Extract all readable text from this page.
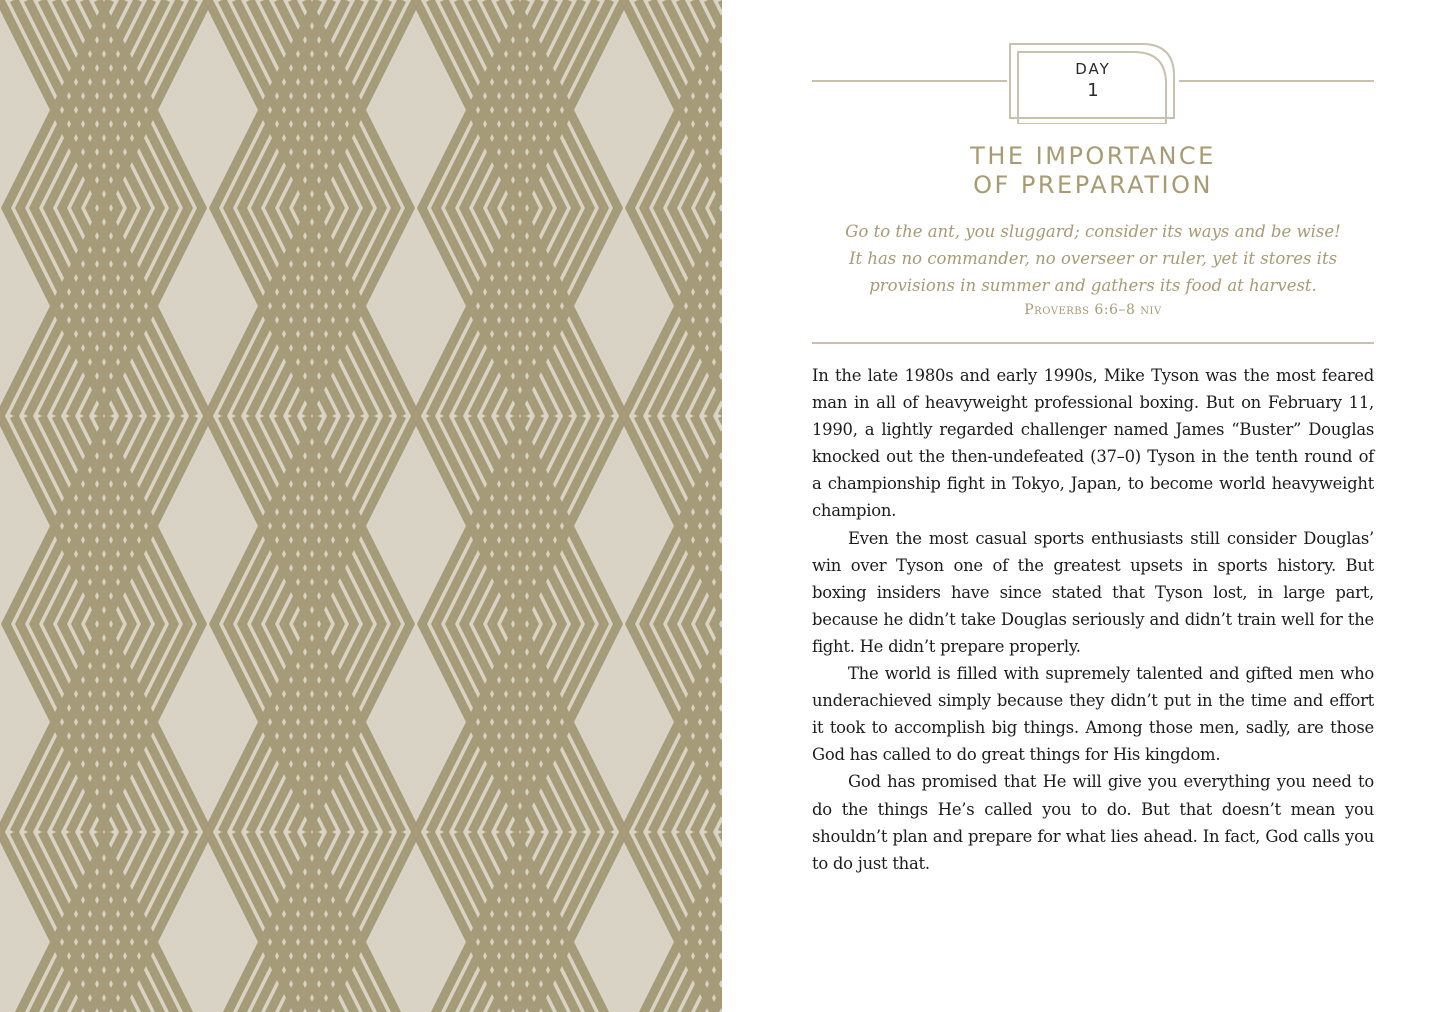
DAY
1
THE IMPORTANCE
OF PREPARATION
Go to the ant, you sluggard; consider its ways and be wise!
It has no commander, no overseer or ruler, yet it stores its
provisions in summer and gathers its food at harvest.
Proverbs 6:6–8 niv

In the late 1980s and early 1990s, Mike Tyson was the most feared man in all of heavyweight professional boxing. But on February 11, 1990, a lightly regarded challenger named James “Buster” Douglas knocked out the then-undefeated (37–0) Tyson in the tenth round of a championship fight in Tokyo, Japan, to become world heavyweight champion.

Even the most casual sports enthusiasts still consider Douglas’ win over Tyson one of the greatest upsets in sports history. But boxing insiders have since stated that Tyson lost, in large part, because he didn’t take Douglas seriously and didn’t train well for the fight. He didn’t prepare properly.

The world is filled with supremely talented and gifted men who underachieved simply because they didn’t put in the time and effort it took to accomplish big things. Among those men, sadly, are those God has called to do great things for His kingdom.

God has promised that He will give you everything you need to do the things He’s called you to do. But that doesn’t mean you shouldn’t plan and prepare for what lies ahead. In fact, God calls you to do just that.
